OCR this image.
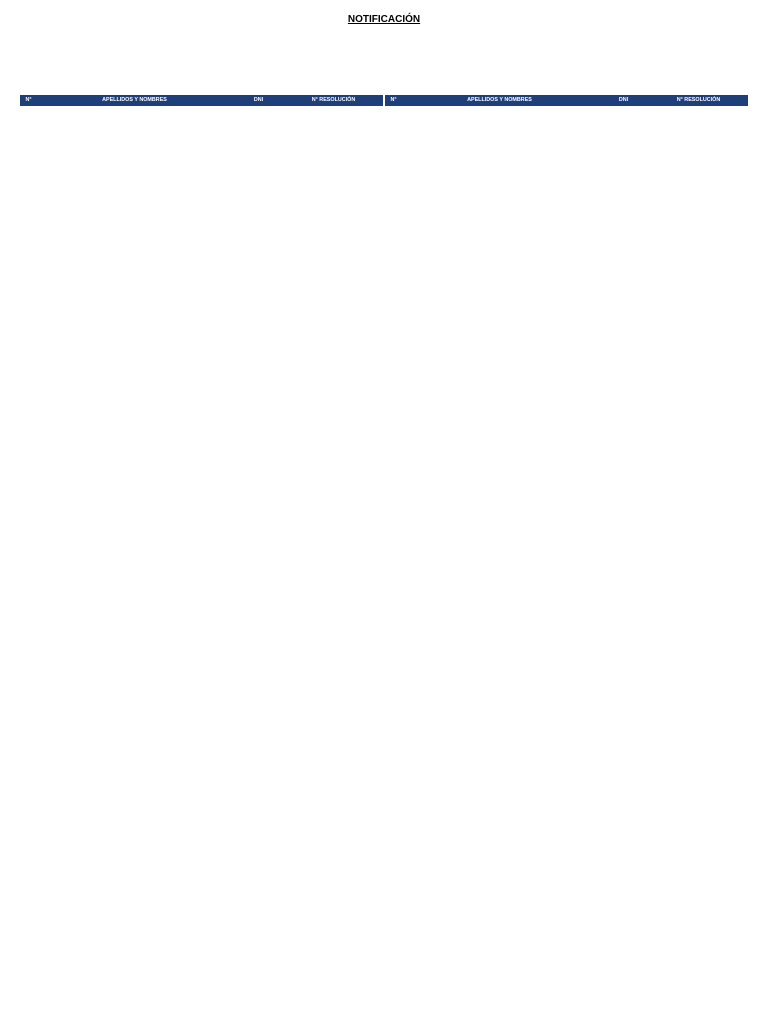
NOTIFICACIÓN

N°	APELLIDOS Y NOMBRES	DNI	N° RESOLUCIÓN	N°	APELLIDOS Y NOMBRES	DNI	N° RESOLUCIÓN
